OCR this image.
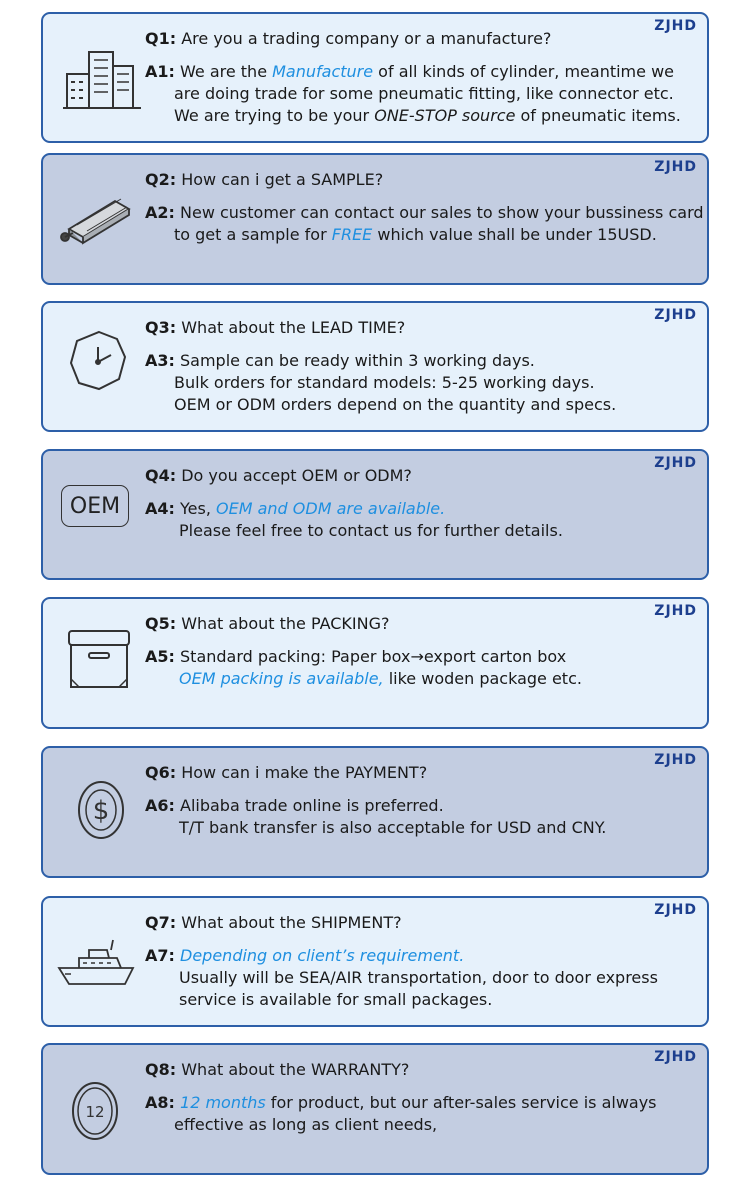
ZJHD
Q1: Are you a trading company or a manufacture?
A1: We are the Manufacture of all kinds of cylinder, meantime we
are doing trade for some pneumatic fitting, like connector etc.
We are trying to be your ONE-STOP source of pneumatic items.
ZJHD
Q2: How can i get a SAMPLE?
A2: New customer can contact our sales to show your bussiness card
to get a sample for FREE which value shall be under 15USD.
ZJHD
Q3: What about the LEAD TIME?
A3: Sample can be ready within 3 working days.
Bulk orders for standard models: 5-25 working days.
OEM or ODM orders depend on the quantity and specs.
ZJHD
OEM
Q4: Do you accept OEM or ODM?
A4: Yes, OEM and ODM are available.
Please feel free to contact us for further details.
ZJHD
Q5: What about the PACKING?
A5: Standard packing: Paper box→export carton box
OEM packing is available, like woden package etc.
ZJHD
$
Q6: How can i make the PAYMENT?
A6: Alibaba trade online is preferred.
T/T bank transfer is also acceptable for USD and CNY.
ZJHD
Q7: What about the SHIPMENT?
A7: Depending on client’s requirement.
Usually will be SEA/AIR transportation, door to door express
service is available for small packages.
ZJHD
12
Q8: What about the WARRANTY?
A8: 12 months for product, but our after-sales service is always
effective as long as client needs,
